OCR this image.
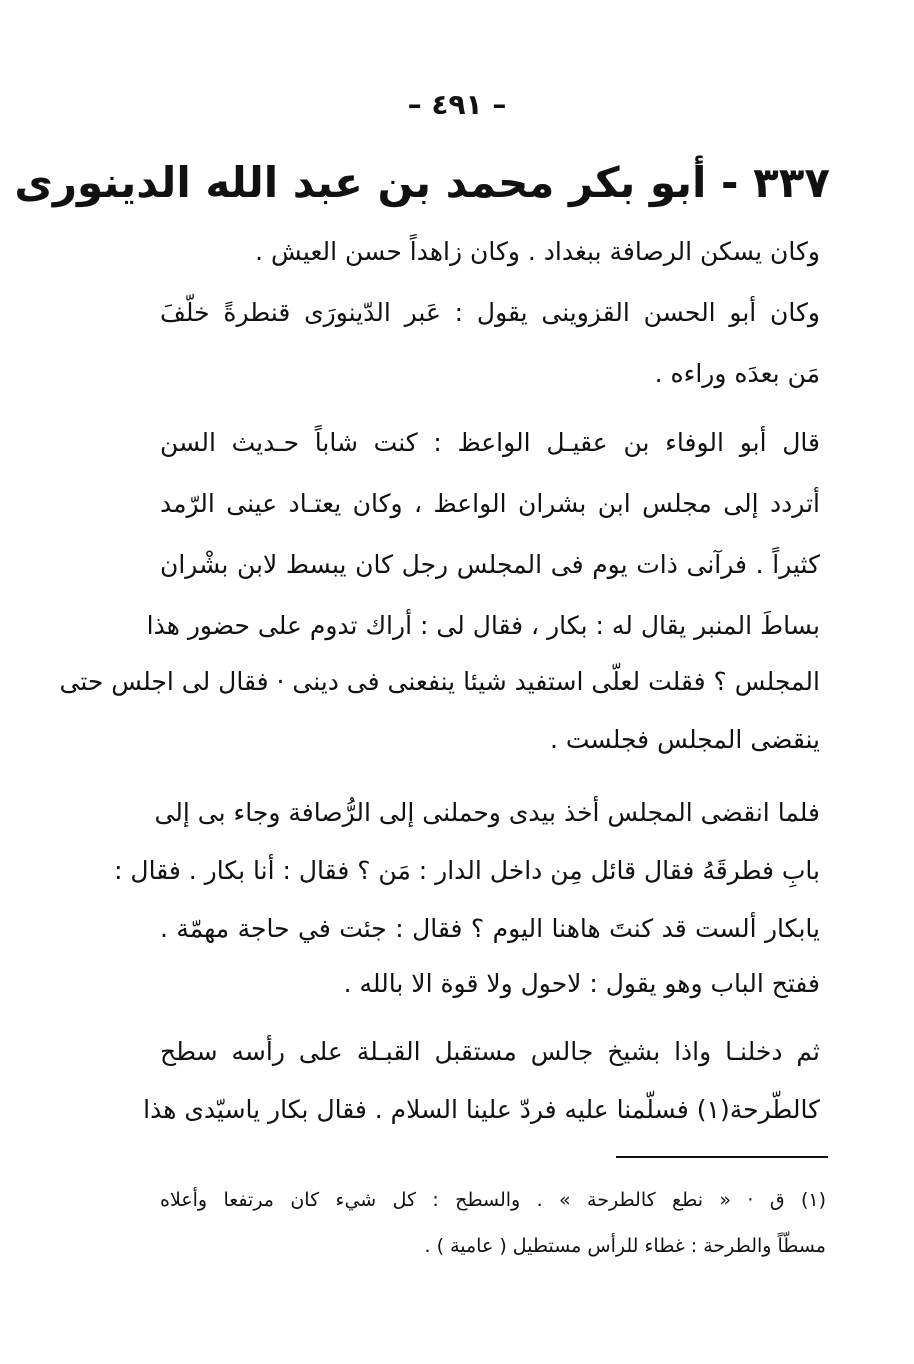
– ٤٩١ –
٣٣٧ - أبو بكر محمد بن عبد الله الدينورى
وكان يسكن الرصافة ببغداد . وكان زاهداً حسن العيش .
وكان أبو الحسن القزوينى يقول : عَبر الدّينورَى قنطرةً خلّفَ
مَن بعدَه وراءه .
قال أبو الوفاء بن عقيـل الواعظ : كنت شاباً حـديث السن
أتردد إلى مجلس ابن بشران الواعظ ، وكان يعتـاد عينى الرّمد
كثيراً . فرآنى ذات يوم فى المجلس رجل كان يبسط لابن بشْران
بساطَ المنبر يقال له : بكار ، فقال لى : أراك تدوم على حضور هذا
المجلس ؟ فقلت لعلّى استفيد شيئا ينفعنى فى دينى · فقال لى اجلس حتى
ينقضى المجلس فجلست .
فلما انقضى المجلس أخذ بيدى وحملنى إلى الرُّصافة وجاء بى إلى
بابِ فطرقَهُ فقال قائل مِن داخل الدار : مَن ؟ فقال : أنا بكار . فقال :
يابكار ألست قد كنتَ هاهنا اليوم ؟ فقال : جئت في حاجة مهمّة .
ففتح الباب وهو يقول : لاحول ولا قوة الا بالله .
ثم دخلنـا واذا بشيخ جالس مستقبل القبـلة على رأسه سطح
كالطّرحة(١) فسلّمنا عليه فردّ علينا السلام . فقال بكار ياسيّدى هذا
(١) ق · « نطع كالطرحة » . والسطح : كل شيء كان مرتفعا وأعلاه
مسطّاً والطرحة : غطاء للرأس مستطيل ( عامية ) .
